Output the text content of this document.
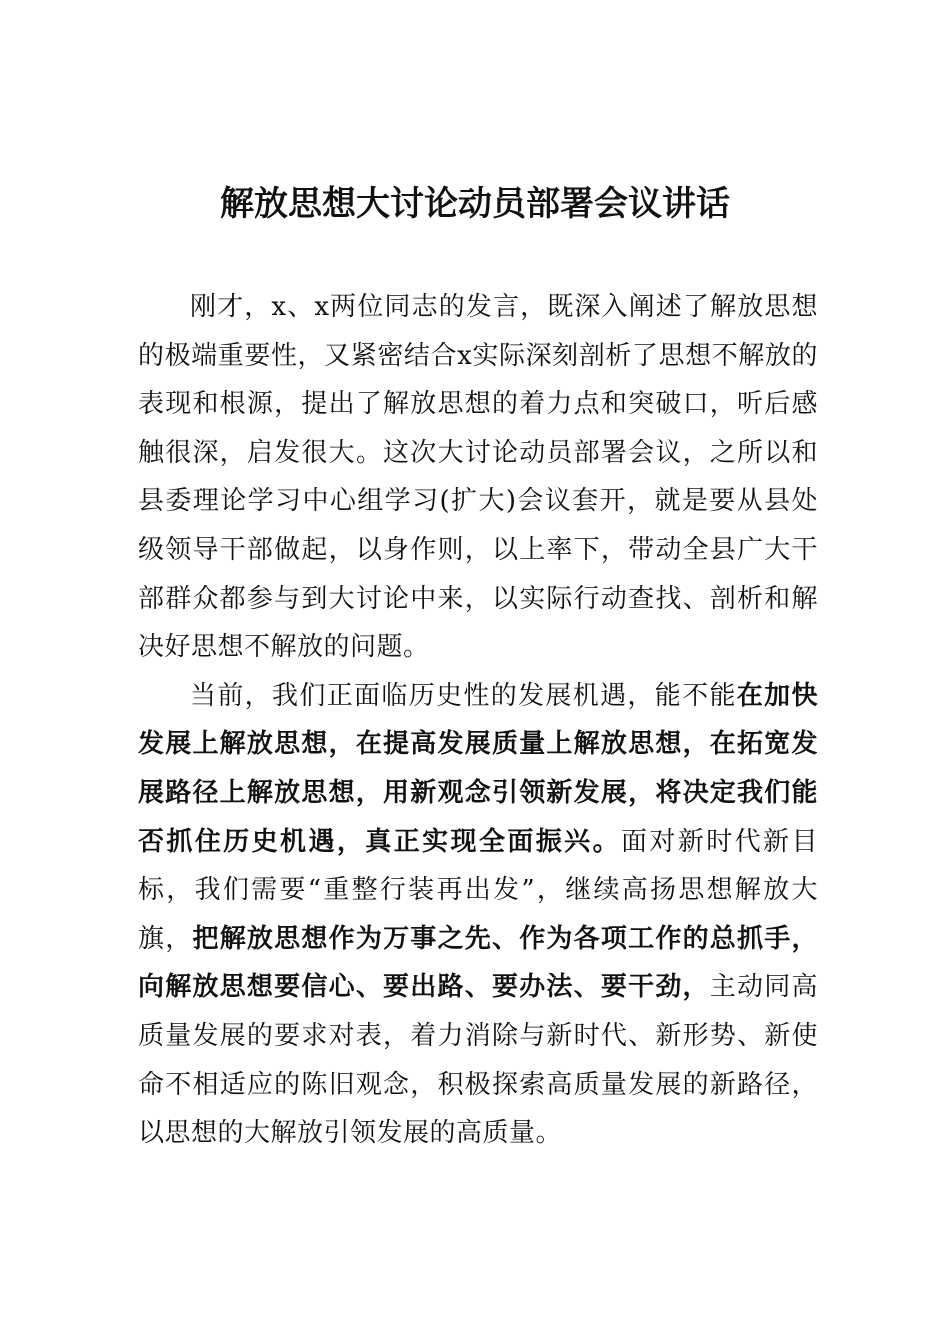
解放思想大讨论动员部署会议讲话

刚才，x、x两位同志的发言，既深入阐述了解放思想的极端重要性，又紧密结合x实际深刻剖析了思想不解放的表现和根源，提出了解放思想的着力点和突破口，听后感触很深，启发很大。这次大讨论动员部署会议，之所以和县委理论学习中心组学习(扩大)会议套开，就是要从县处级领导干部做起，以身作则，以上率下，带动全县广大干部群众都参与到大讨论中来，以实际行动查找、剖析和解决好思想不解放的问题。

当前，我们正面临历史性的发展机遇，能不能在加快发展上解放思想，在提高发展质量上解放思想，在拓宽发展路径上解放思想，用新观念引领新发展，将决定我们能否抓住历史机遇，真正实现全面振兴。面对新时代新目标，我们需要“重整行装再出发”，继续高扬思想解放大旗，把解放思想作为万事之先、作为各项工作的总抓手，向解放思想要信心、要出路、要办法、要干劲，主动同高质量发展的要求对表，着力消除与新时代、新形势、新使命不相适应的陈旧观念，积极探索高质量发展的新路径，以思想的大解放引领发展的高质量。
